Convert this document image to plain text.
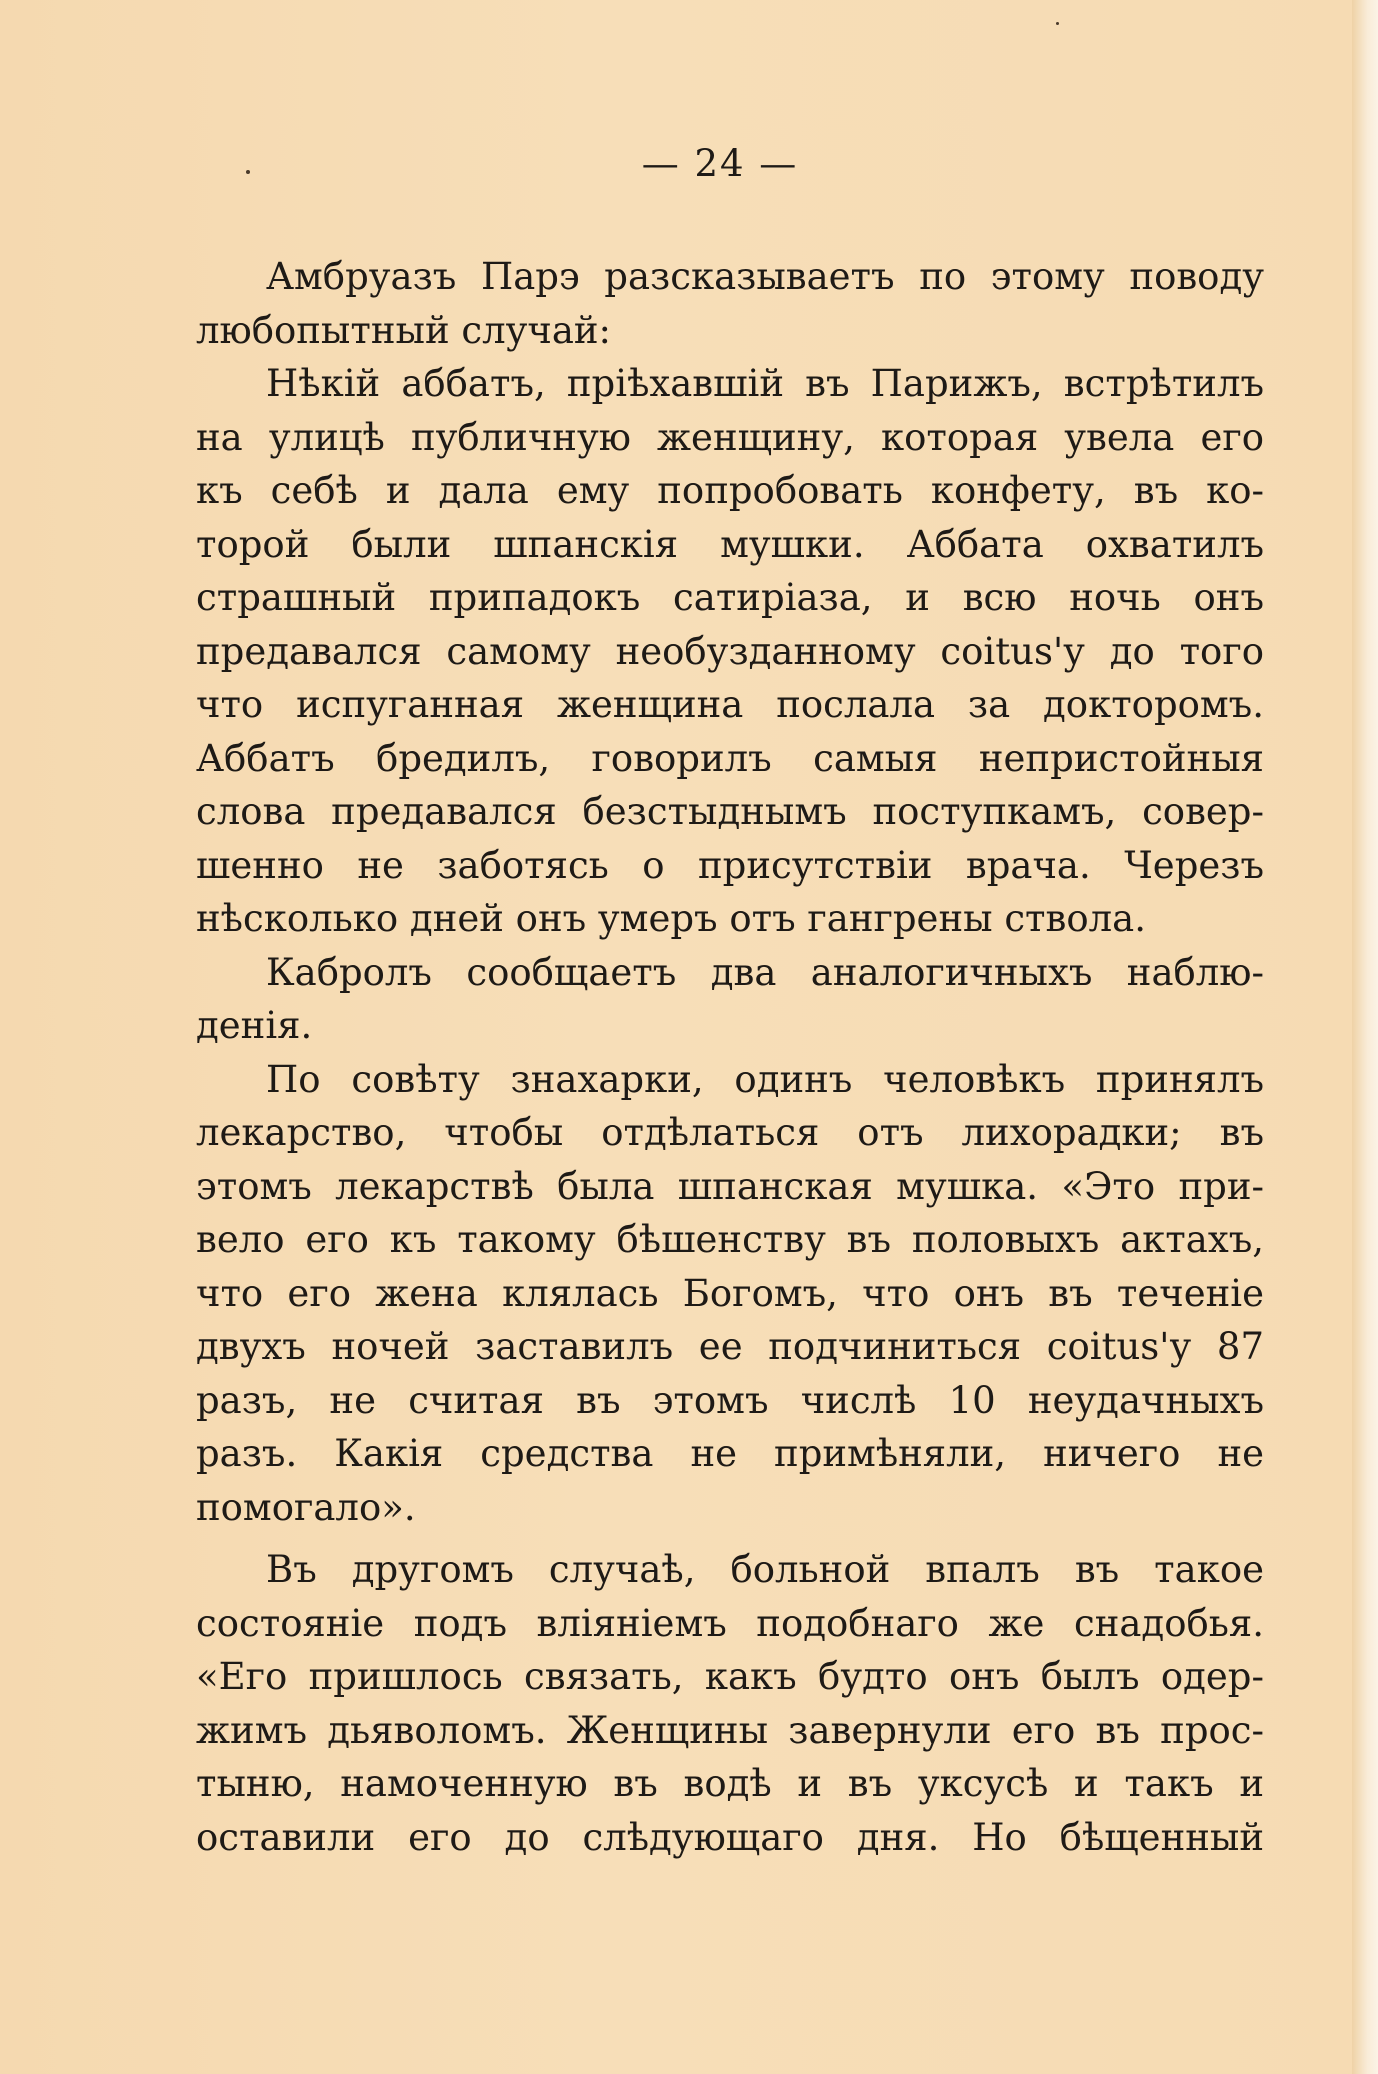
— 24 —
Амбруазъ Парэ разсказываетъ по этому поводу
любопытный случай:
Нѣкій аббатъ, пріѣхавшій въ Парижъ, встрѣтилъ
на улицѣ публичную женщину, которая увела его
къ себѣ и дала ему попробовать конфету, въ ко-
торой были шпанскія мушки. Аббата охватилъ
страшный припадокъ сатиріаза, и всю ночь онъ
предавался самому необузданному coitus'у до того
что испуганная женщина послала за докторомъ.
Аббатъ бредилъ, говорилъ самыя непристойныя
слова предавался безстыднымъ поступкамъ, совер-
шенно не заботясь о присутствіи врача. Черезъ
нѣсколько дней онъ умеръ отъ гангрены ствола.
Кабролъ сообщаетъ два аналогичныхъ наблю-
денія.
По совѣту знахарки, одинъ человѣкъ принялъ
лекарство, чтобы отдѣлаться отъ лихорадки; въ
этомъ лекарствѣ была шпанская мушка. «Это при-
вело его къ такому бѣшенству въ половыхъ актахъ,
что его жена клялась Богомъ, что онъ въ теченіе
двухъ ночей заставилъ ее подчиниться coitus'у 87
разъ, не считая въ этомъ числѣ 10 неудачныхъ
разъ. Какія средства не примѣняли, ничего не
помогало».
Въ другомъ случаѣ, больной впалъ въ такое
состояніе подъ вліяніемъ подобнаго же снадобья.
«Его пришлось связать, какъ будто онъ былъ одер-
жимъ дьяволомъ. Женщины завернули его въ прос-
тыню, намоченную въ водѣ и въ уксусѣ и такъ и
оставили его до слѣдующаго дня. Но бѣщенный
